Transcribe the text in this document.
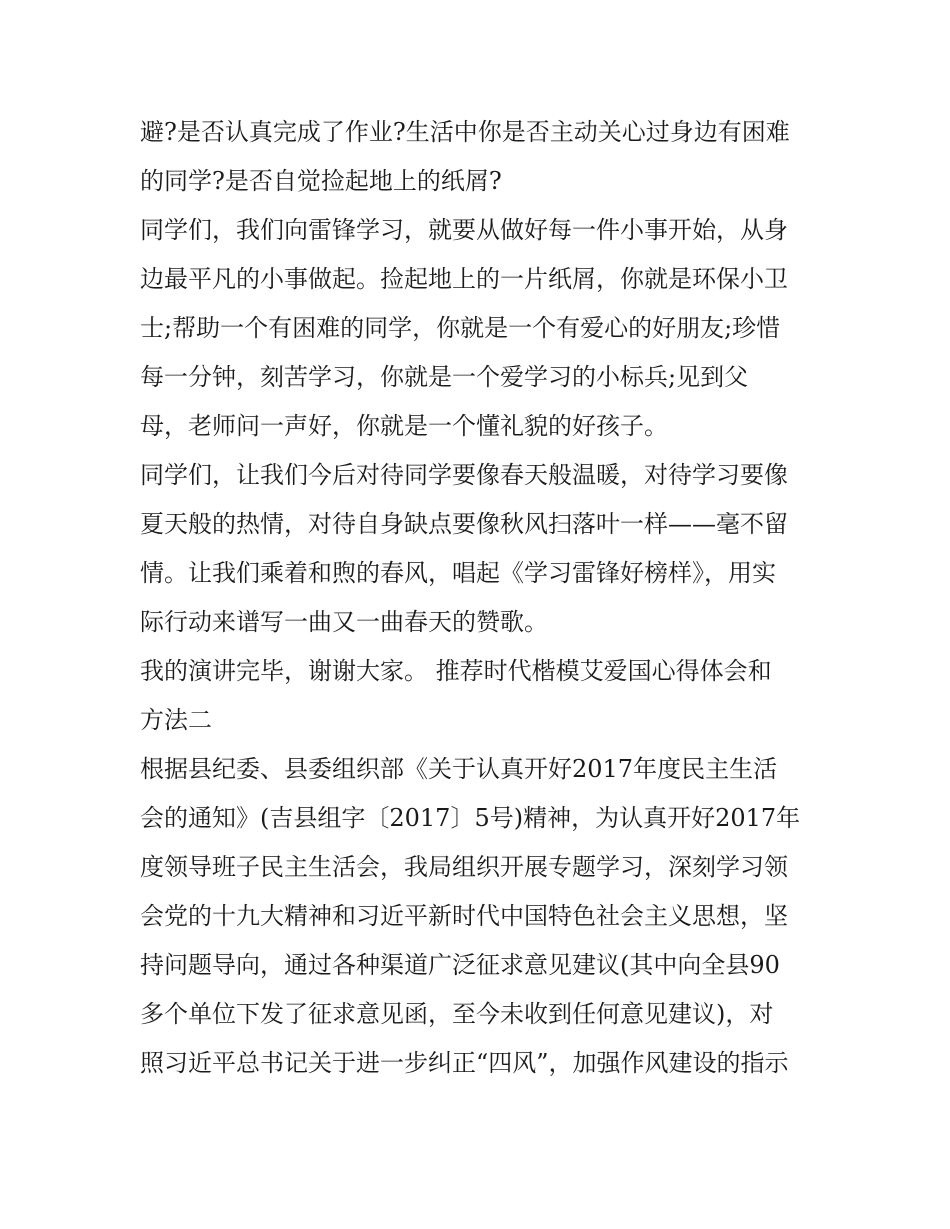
避?是否认真完成了作业?生活中你是否主动关心过身边有困难
的同学?是否自觉捡起地上的纸屑?
同学们，我们向雷锋学习，就要从做好每一件小事开始，从身
边最平凡的小事做起。捡起地上的一片纸屑，你就是环保小卫
士;帮助一个有困难的同学，你就是一个有爱心的好朋友;珍惜
每一分钟，刻苦学习，你就是一个爱学习的小标兵;见到父
母，老师问一声好，你就是一个懂礼貌的好孩子。
同学们，让我们今后对待同学要像春天般温暖，对待学习要像
夏天般的热情，对待自身缺点要像秋风扫落叶一样——毫不留
情。让我们乘着和煦的春风，唱起《学习雷锋好榜样》，用实
际行动来谱写一曲又一曲春天的赞歌。
我的演讲完毕，谢谢大家。 推荐时代楷模艾爱国心得体会和
方法二
根据县纪委、县委组织部《关于认真开好2017年度民主生活
会的通知》(吉县组字〔2017〕5号)精神，为认真开好2017年
度领导班子民主生活会，我局组织开展专题学习，深刻学习领
会党的十九大精神和习近平新时代中国特色社会主义思想，坚
持问题导向，通过各种渠道广泛征求意见建议(其中向全县90
多个单位下发了征求意见函，至今未收到任何意见建议)，对
照习近平总书记关于进一步纠正“四风”，加强作风建设的指示
